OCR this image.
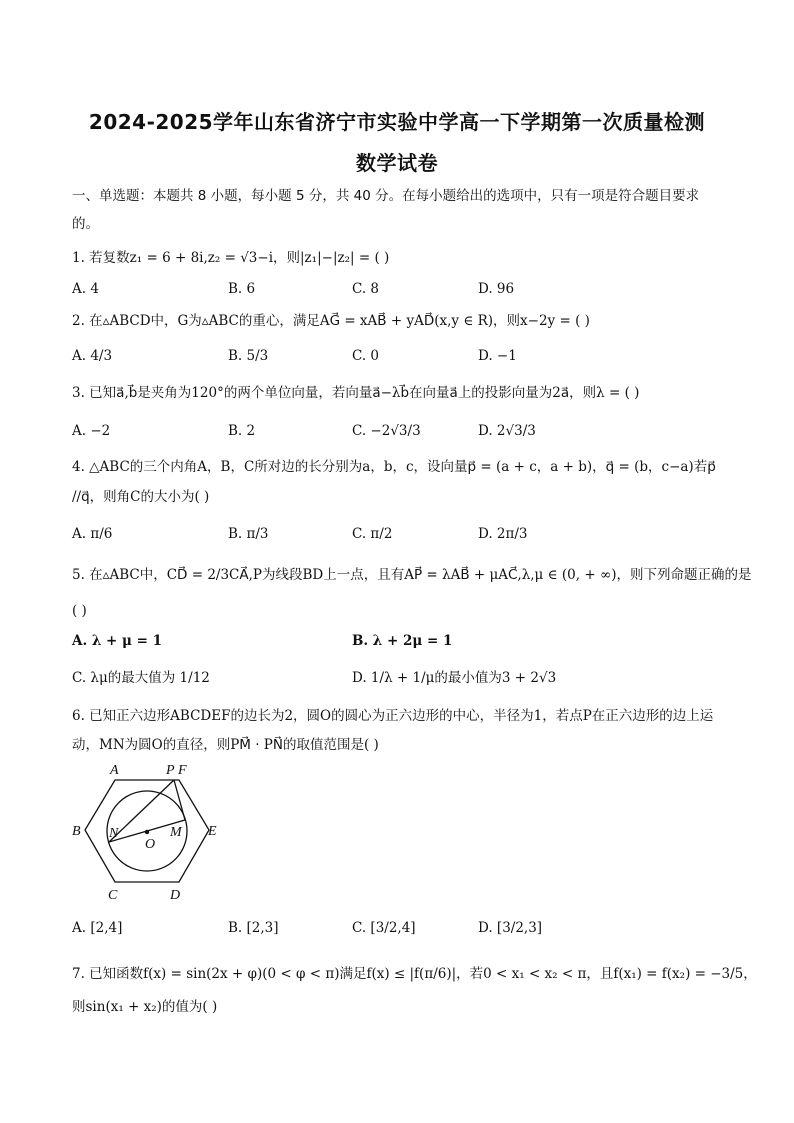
2024-2025学年山东省济宁市实验中学高一下学期第一次质量检测
数学试卷
一、单选题：本题共 8 小题，每小题 5 分，共 40 分。在每小题给出的选项中，只有一项是符合题目要求
的。
1. 若复数z₁ = 6 + 8i,z₂ = √3−i，则|z₁|−|z₂| = ( )
A. 4	B. 6	C. 8	D. 96
2. 在▵ABCD中，G为▵ABC的重心，满足AG⃗ = xAB⃗ + yAD⃗(x,y ∈ R)，则x−2y = ( )
A. 4/3	B. 5/3	C. 0	D. −1
3. 已知a⃗,b⃗是夹角为120°的两个单位向量，若向量a⃗−λb⃗在向量a⃗上的投影向量为2a⃗，则λ = ( )
A. −2	B. 2	C. −2√3/3	D. 2√3/3
4. △ABC的三个内角A，B，C所对边的长分别为a，b，c，设向量p⃗ = (a + c，a + b)，q⃗ = (b，c−a)若p⃗
//q⃗，则角C的大小为( )
A. π/6	B. π/3	C. π/2	D. 2π/3
5. 在▵ABC中，CD⃗ = 2/3CA⃗,P为线段BD上一点，且有AP⃗ = λAB⃗ + μAC⃗,λ,μ ∈ (0, + ∞)，则下列命题正确的是
( )
A. λ + μ = 1	B. λ + 2μ = 1
C. λμ的最大值为 1/12	D. 1/λ + 1/μ的最小值为3 + 2√3
6. 已知正六边形ABCDEF的边长为2，圆O的圆心为正六边形的中心，半径为1，若点P在正六边形的边上运
动，MN为圆O的直径，则PM⃗ · PN⃗的取值范围是( )
A	P F
B	E
N	M
O
C	D
A. [2,4]	B. [2,3]	C. [3/2,4]	D. [3/2,3]
7. 已知函数f(x) = sin(2x + φ)(0 < φ < π)满足f(x) ≤ |f(π/6)|，若0 < x₁ < x₂ < π，且f(x₁) = f(x₂) = −3/5，
则sin(x₁ + x₂)的值为( )
